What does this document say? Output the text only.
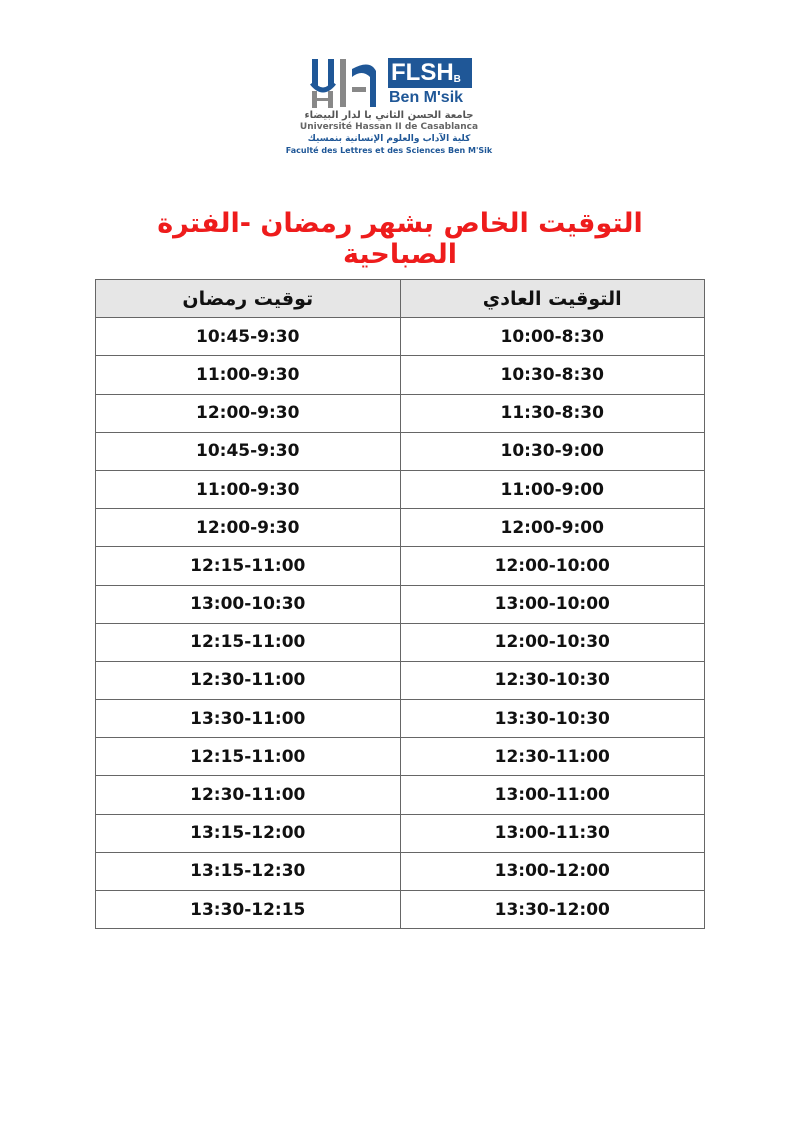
$FLSH_B$
Ben M'sik
جامعة الحسن الثاني با لدار البيضاء
Université Hassan II de Casablanca
كلية الآداب والعلوم الإنسانية بنمسيك
Faculté des Lettres et des Sciences Ben M'Sik
التوقيت الخاص بشهر رمضان -الفترة الصباحية
توقيت رمضان	التوقيت العادي
10:45-9:30	10:00-8:30
11:00-9:30	10:30-8:30
12:00-9:30	11:30-8:30
10:45-9:30	10:30-9:00
11:00-9:30	11:00-9:00
12:00-9:30	12:00-9:00
12:15-11:00	12:00-10:00
13:00-10:30	13:00-10:00
12:15-11:00	12:00-10:30
12:30-11:00	12:30-10:30
13:30-11:00	13:30-10:30
12:15-11:00	12:30-11:00
12:30-11:00	13:00-11:00
13:15-12:00	13:00-11:30
13:15-12:30	13:00-12:00
13:30-12:15	13:30-12:00
